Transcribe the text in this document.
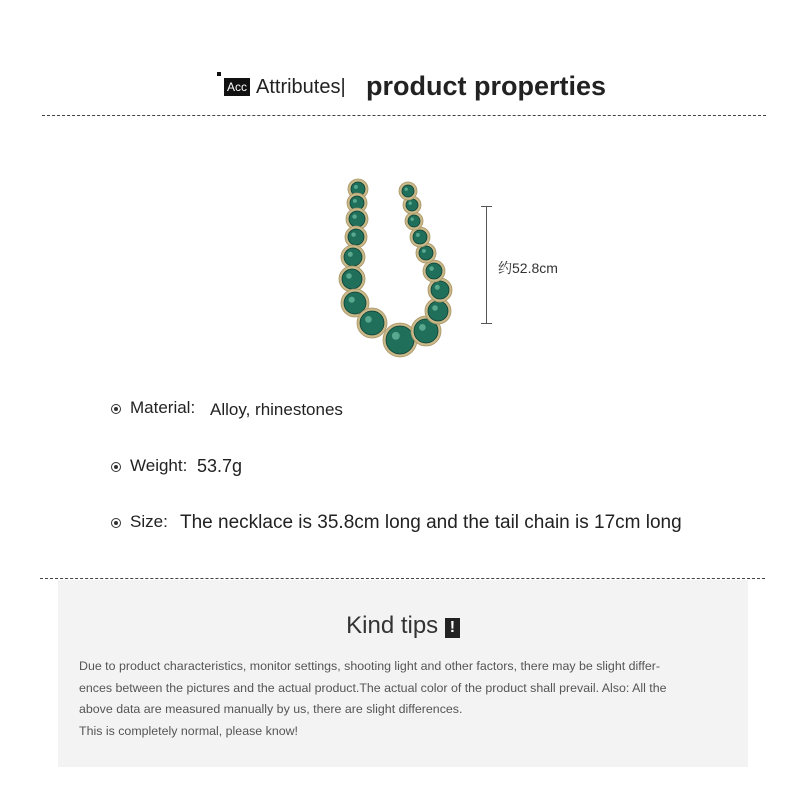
Acc Attributes| product properties
约52.8cm
Material: Alloy, rhinestones
Weight: 53.7g
Size: The necklace is 35.8cm long and the tail chain is 17cm long
Kind tips !

Due to product characteristics, monitor settings, shooting light and other factors, there may be slight differ-

ences between the pictures and the actual product.The actual color of the product shall prevail. Also: All the

above data are measured manually by us, there are slight differences.

This is completely normal, please know!
